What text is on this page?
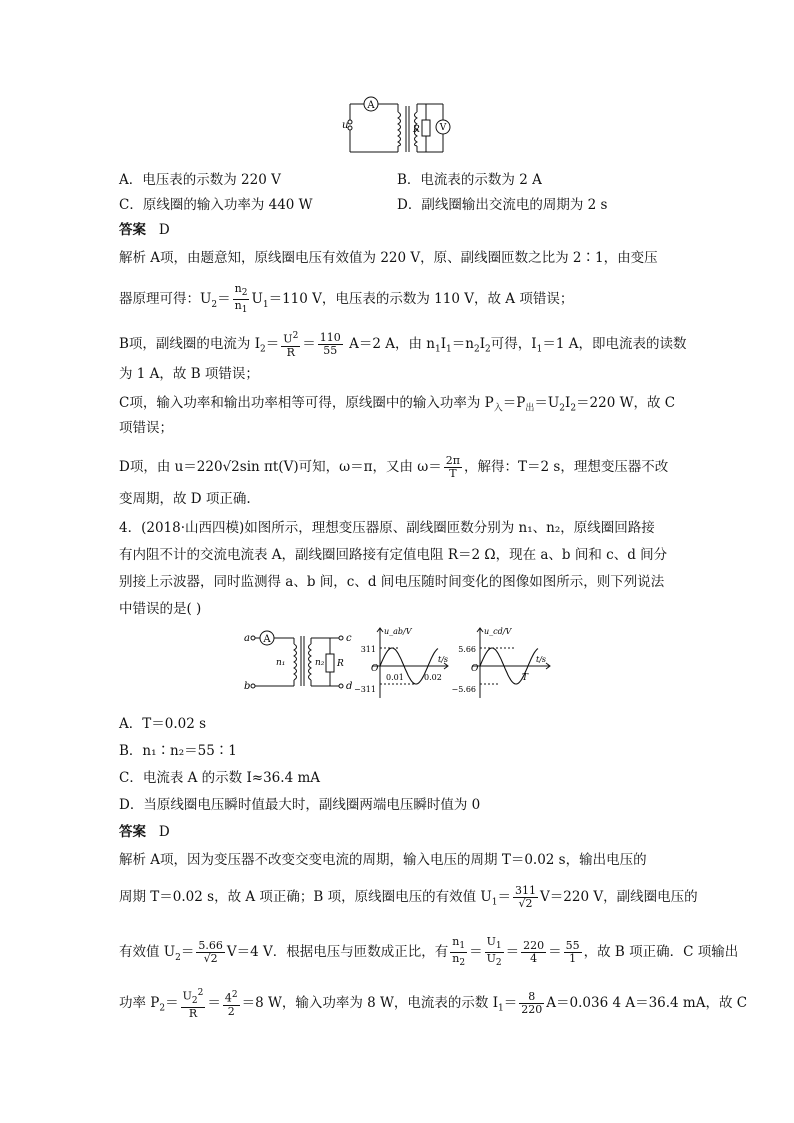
A
u	R V
A．电压表的示数为 220 V	B．电流表的示数为 2 A
C．原线圈的输入功率为 440 W	D．副线圈输出交流电的周期为 2 s
答案 D
解析 A项，由题意知，原线圈电压有效值为 220 V，原、副线圈匝数之比为 2∶1，由变压
器原理可得：$U_2= \frac{n_2}{n_1} U_1=110$ V，电压表的示数为 110 V，故 A 项错误；
B项，副线圈的电流为 $I_2= \frac{U^2}{R} = \frac{110}{55} A=2$ A，由 $n_1I_1=n_2I_2$可得，$I_1=1$ A，即电流表的读数
为 1 A，故 B 项错误；
C项，输入功率和输出功率相等可得，原线圈中的输入功率为 $P_入=P_出=U_2I_2=220$ W，故 C
项错误；
D项，由 u＝220√2sin πt(V)可知，ω＝π，又由 $\omega= \frac{2\pi}{T}$ ，解得：T＝2 s，理想变压器不改
变周期，故 D 项正确.
4．(2018·山西四模)如图所示，理想变压器原、副线圈匝数分别为 n₁、n₂，原线圈回路接
有内阻不计的交流电流表 A，副线圈回路接有定值电阻 R＝2 Ω，现在 a、b 间和 c、d 间分
别接上示波器，同时监测得 a、b 间，c、d 间电压随时间变化的图像如图所示，则下列说法
中错误的是( )
a
b
A
n₁	n₂ R
c
d
u_ab/V
t/s
O
311
−311
0.01	0.02
u_cd/V
t/s
O
5.66
−5.66
T
A．T＝0.02 s
B．n₁∶n₂＝55∶1
C．电流表 A 的示数 I≈36.4 mA
D．当原线圈电压瞬时值最大时，副线圈两端电压瞬时值为 0
答案 D
解析 A项，因为变压器不改变交变电流的周期，输入电压的周期 T＝0.02 s，输出电压的
周期 T＝0.02 s，故 A 项正确；B 项，原线圈电压的有效值 $U_1= \frac{311}{√2} V=220$ V，副线圈电压的
有效值 $U_2= \frac{5.66}{√2} V=4$ V．根据电压与匝数成正比，有 $\frac{n_1}{n_2} = \frac{U_1}{U_2} = \frac{220}{4} = \frac{55}{1}$ ，故 B 项正确．C 项输出
功率 $P_2= \frac{U_2^2}{R} = \frac{4^2}{2} =8$ W，输入功率为 8 W，电流表的示数 $I_1= \frac{8}{220} A=0.036$ 4 A＝36.4 mA，故 C
